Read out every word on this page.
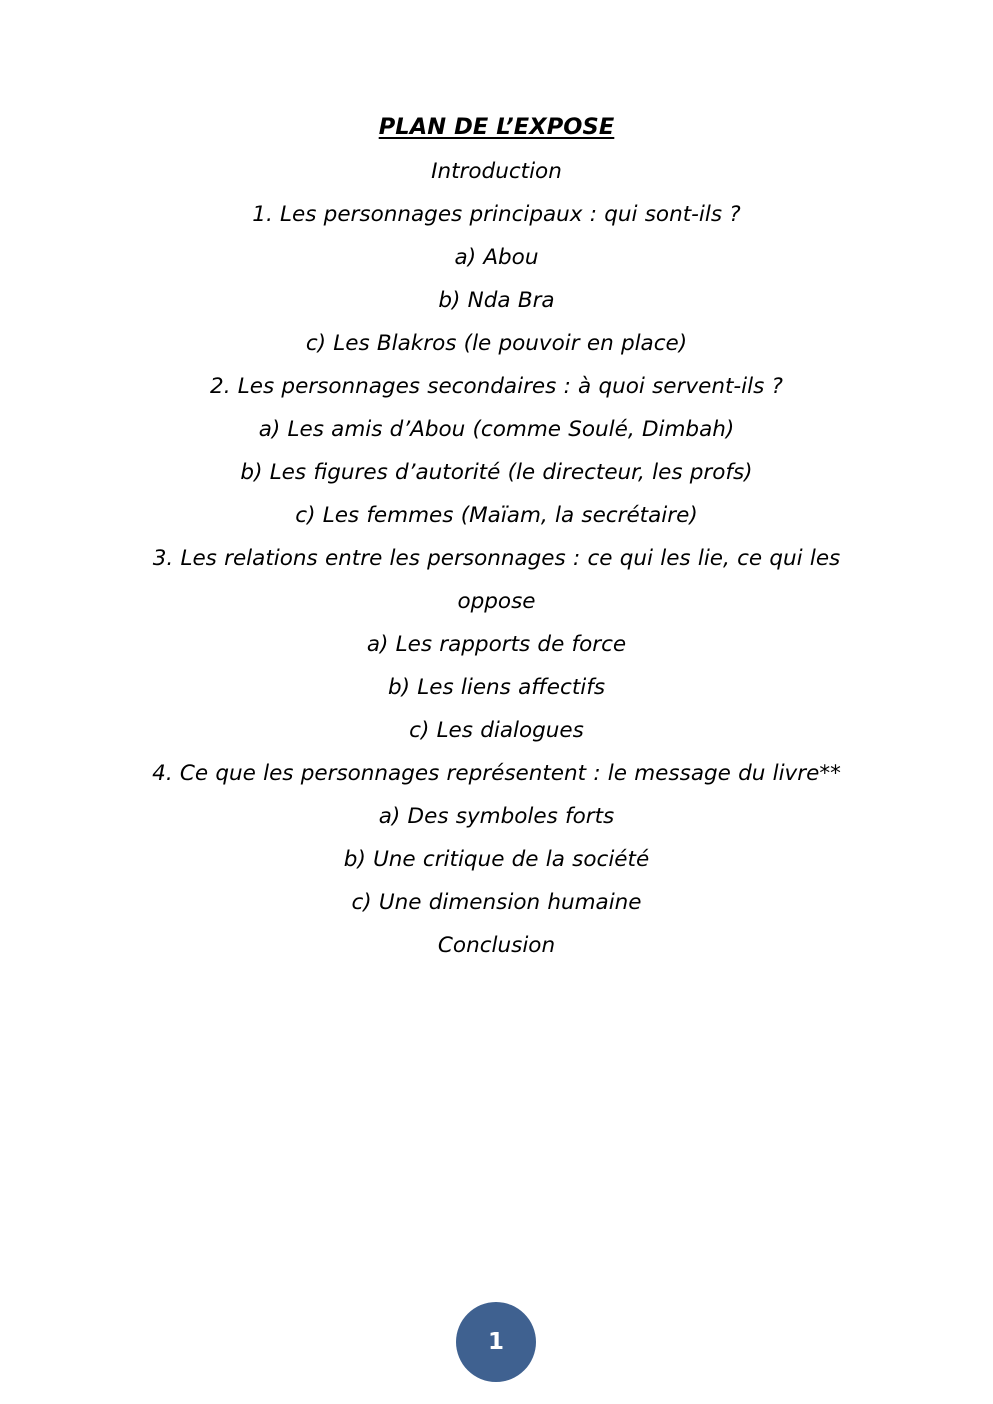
PLAN DE L’EXPOSE
Introduction
1. Les personnages principaux : qui sont-ils ?
a) Abou
b) Nda Bra
c) Les Blakros (le pouvoir en place)
2. Les personnages secondaires : à quoi servent-ils ?
a) Les amis d’Abou (comme Soulé, Dimbah)
b) Les figures d’autorité (le directeur, les profs)
c) Les femmes (Maïam, la secrétaire)
3. Les relations entre les personnages : ce qui les lie, ce qui les
oppose
a) Les rapports de force
b) Les liens affectifs
c) Les dialogues
4. Ce que les personnages représentent : le message du livre**
a) Des symboles forts
b) Une critique de la société
c) Une dimension humaine
Conclusion
1
